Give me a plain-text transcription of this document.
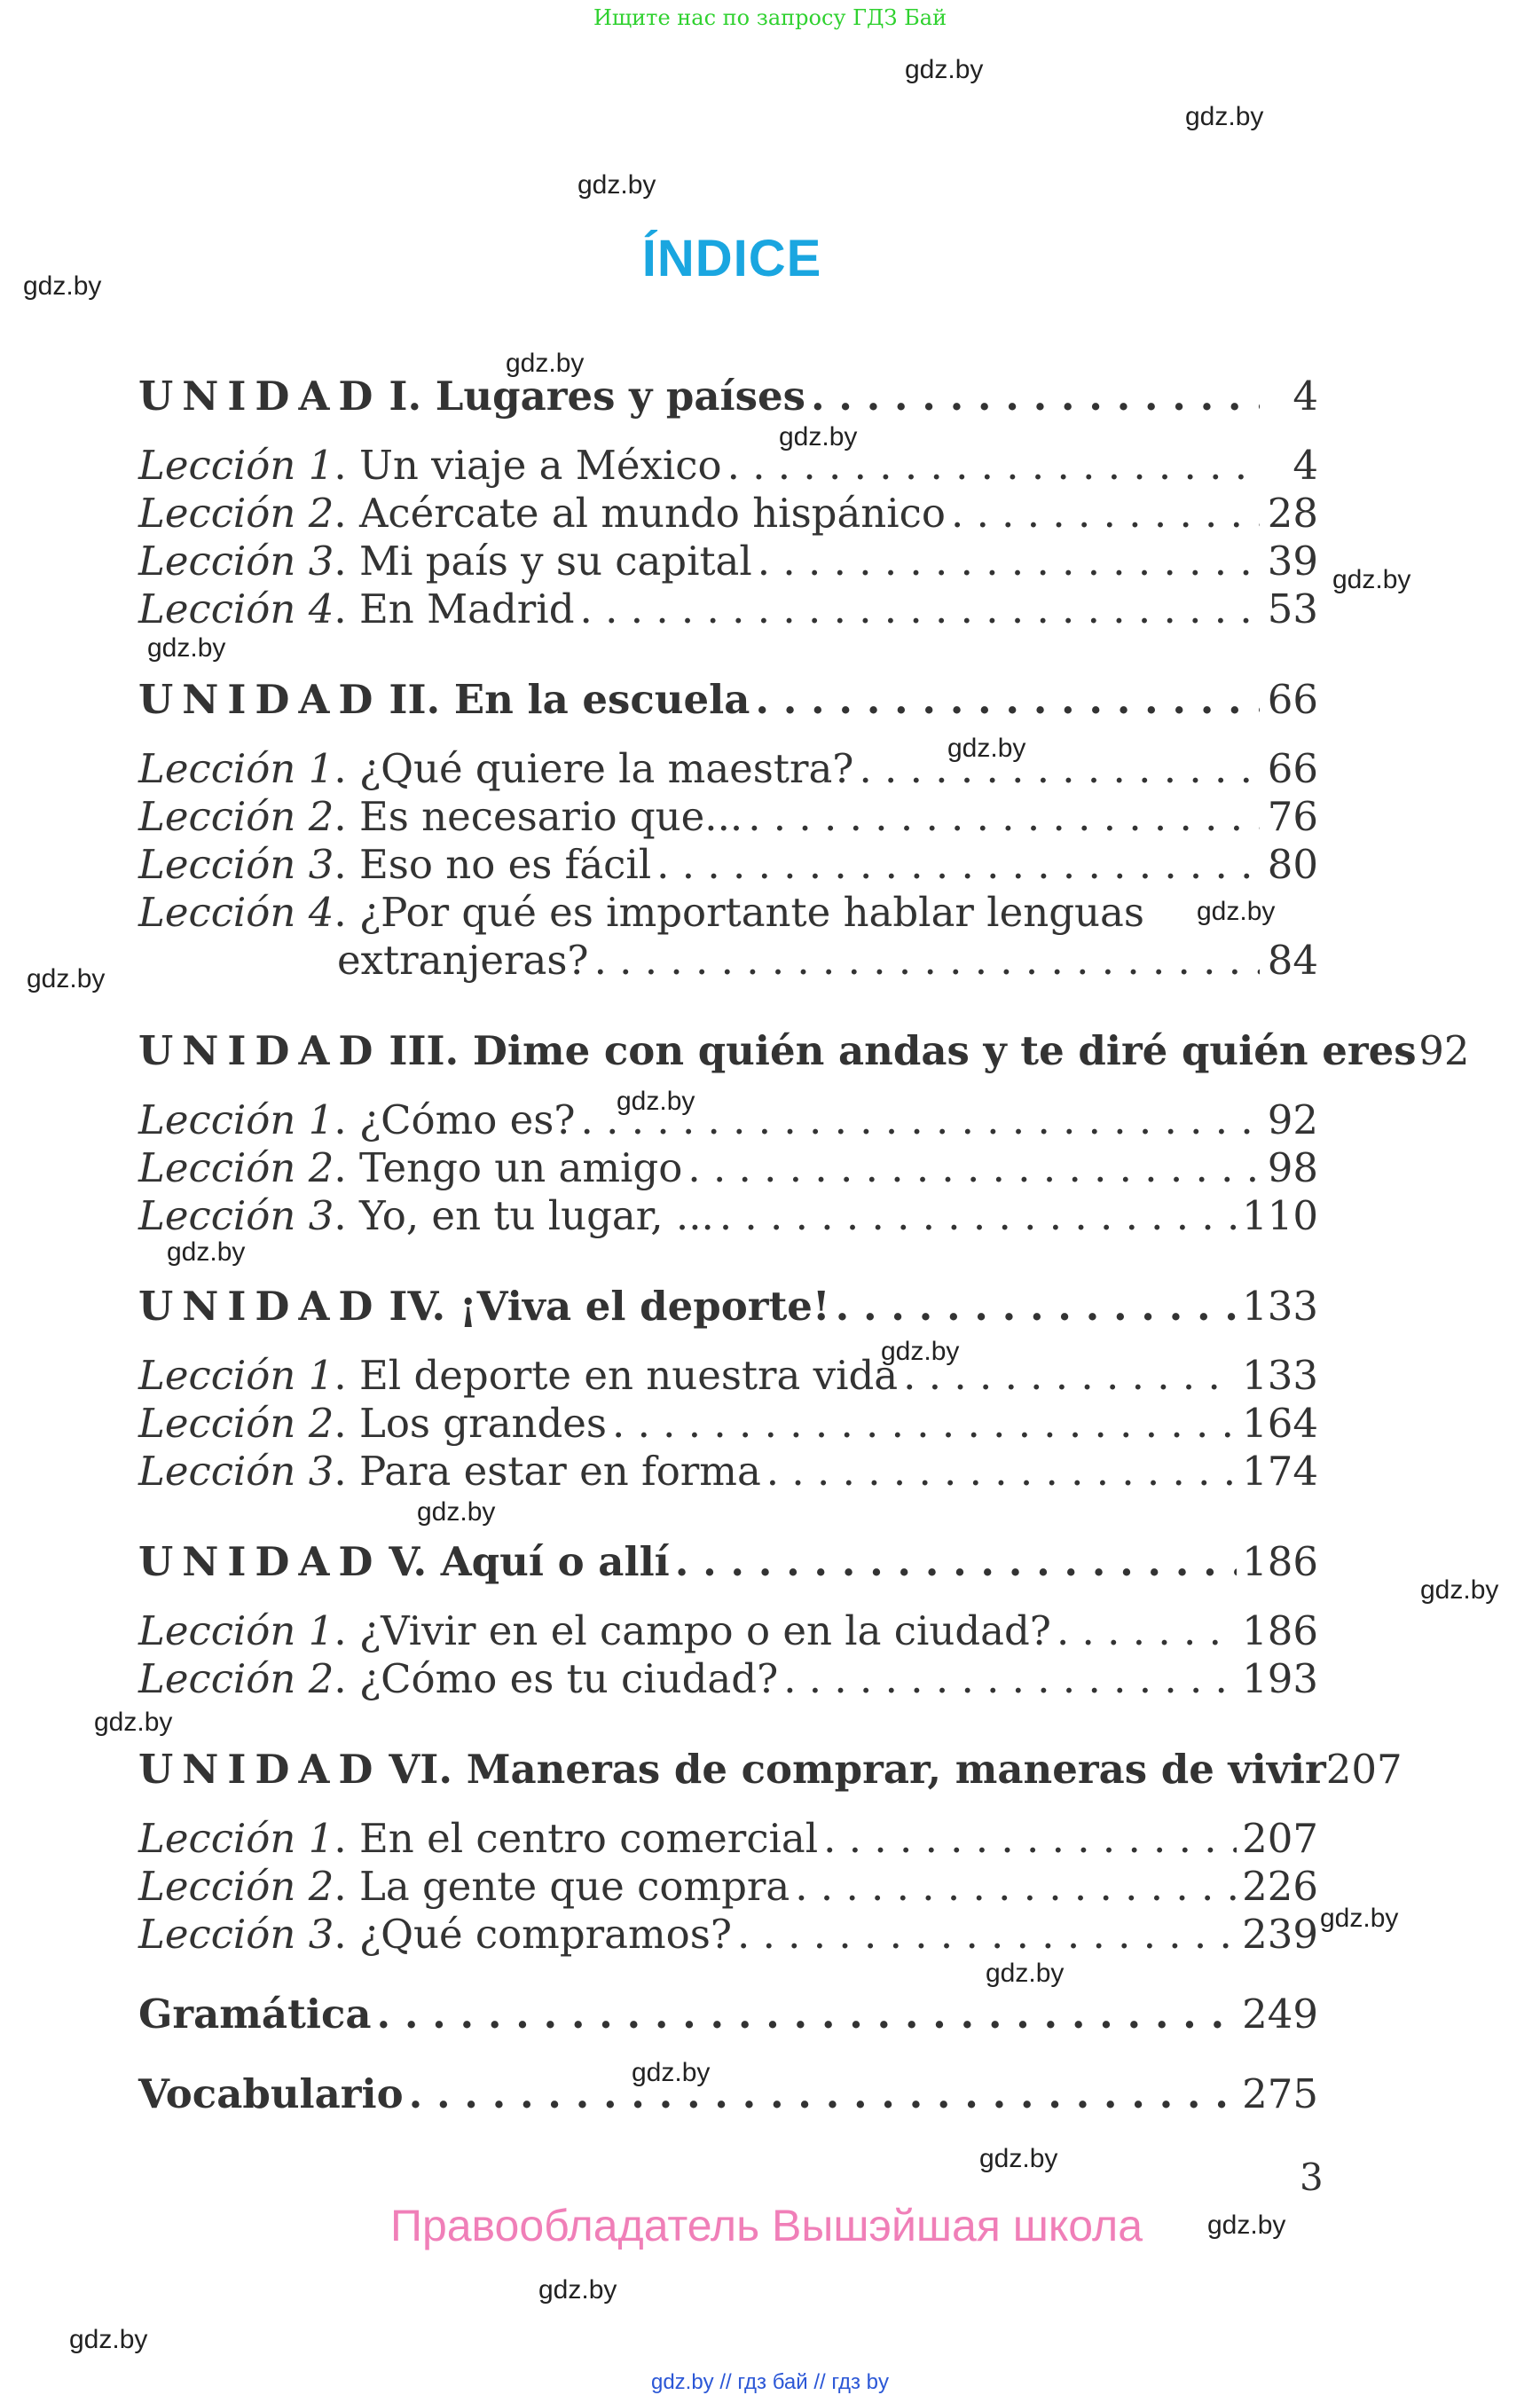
Ищите нас по запросу ГДЗ Бай
gdz.by
gdz.by
gdz.by
gdz.by
gdz.by
gdz.by
gdz.by
gdz.by
gdz.by
gdz.by
gdz.by
gdz.by
gdz.by
gdz.by
gdz.by
gdz.by
gdz.by
gdz.by
gdz.by
gdz.by
gdz.by
gdz.by
gdz.by
gdz.by
ÍNDICE
UNIDAD I. Lugares y países . . .	4
Lección 1. Un viaje a México . . .	4
Lección 2. Acércate al mundo hispánico . . .	28
Lección 3. Mi país y su capital . . .	39
Lección 4. En Madrid . . .	53
UNIDAD II. En la escuela . . .	66
Lección 1. ¿Qué quiere la maestra? . . .	66
Lección 2. Es necesario que... . . .	76
Lección 3. Eso no es fácil . . .	80
Lección 4. ¿Por qué es importante hablar lenguas
extranjeras? . . .	84
UNIDAD III. Dime con quién andas y te diré quién eres 92
Lección 1. ¿Cómo es? . . .	92
Lección 2. Tengo un amigo . . .	98
Lección 3. Yo, en tu lugar, ... . . .	110
UNIDAD IV. ¡Viva el deporte! . . .	133
Lección 1. El deporte en nuestra vida . . .	133
Lección 2. Los grandes . . .	164
Lección 3. Para estar en forma . . .	174
UNIDAD V. Aquí o allí . . .	186
Lección 1. ¿Vivir en el campo o en la ciudad? . . .	186
Lección 2. ¿Cómo es tu ciudad? . . .	193
UNIDAD VI. Maneras de comprar, maneras de vivir 207
Lección 1. En el centro comercial . . .	207
Lección 2. La gente que compra . . .	226
Lección 3. ¿Qué compramos? . . .	239
Gramática . . .	249
Vocabulario . . .	275
3
Правообладатель Вышэйшая школа
gdz.by // гдз бай // гдз by
